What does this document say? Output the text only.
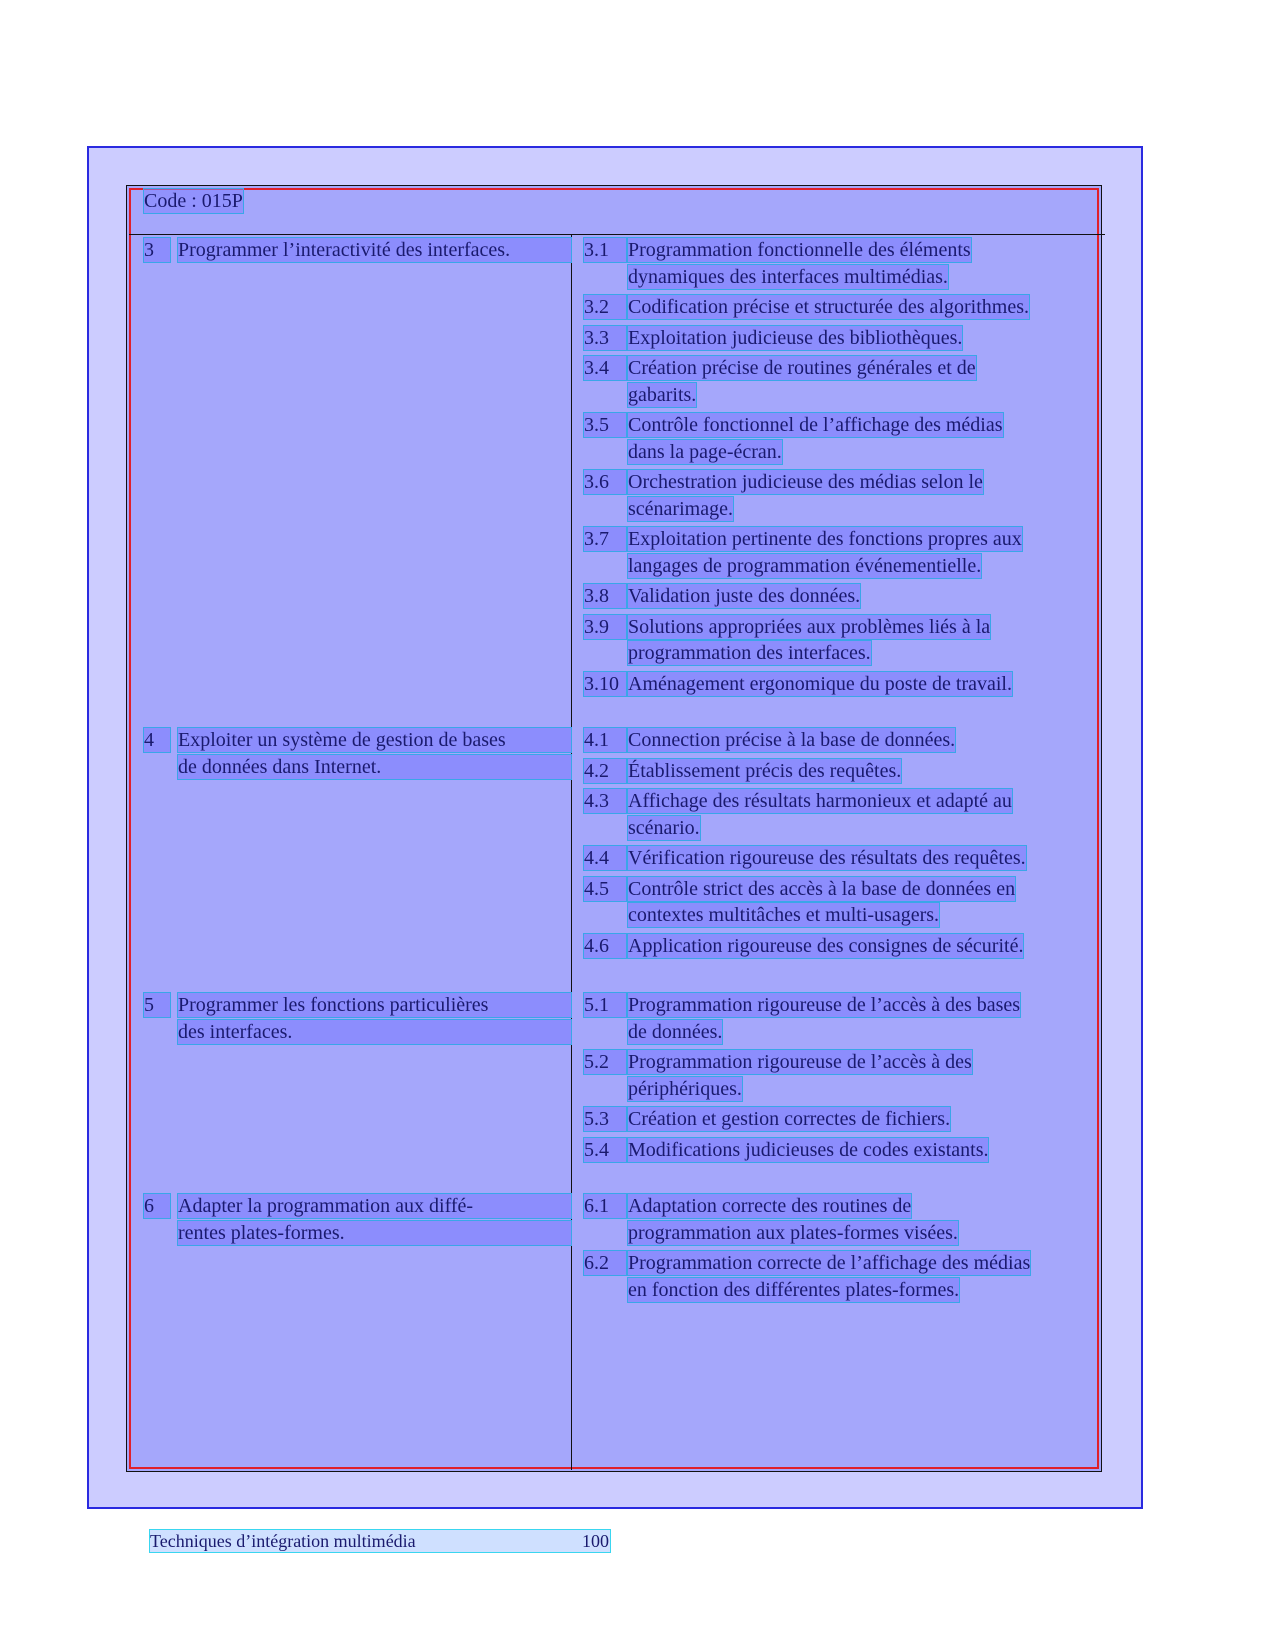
Code : 015P
3	Programmer l’interactivité des interfaces.	3.1 Programmation fonctionnelle des éléments
dynamiques des interfaces multimédias.
3.2 Codification précise et structurée des algorithmes.
3.3 Exploitation judicieuse des bibliothèques.
3.4 Création précise de routines générales et de
gabarits.
3.5 Contrôle fonctionnel de l’affichage des médias
dans la page-écran.
3.6 Orchestration judicieuse des médias selon le
scénarimage.
3.7 Exploitation pertinente des fonctions propres aux
langages de programmation événementielle.
3.8 Validation juste des données.
3.9 Solutions appropriées aux problèmes liés à la
programmation des interfaces.
3.10 Aménagement ergonomique du poste de travail.
4	Exploiter un système de gestion de bases
de données dans Internet.
4.1 Connection précise à la base de données.
4.2 Établissement précis des requêtes.
4.3 Affichage des résultats harmonieux et adapté au
scénario.
4.4 Vérification rigoureuse des résultats des requêtes.
4.5 Contrôle strict des accès à la base de données en
contextes multitâches et multi-usagers.
4.6 Application rigoureuse des consignes de sécurité.
5	Programmer les fonctions particulières
des interfaces.
5.1 Programmation rigoureuse de l’accès à des bases
de données.
5.2 Programmation rigoureuse de l’accès à des
périphériques.
5.3 Création et gestion correctes de fichiers.
5.4 Modifications judicieuses de codes existants.
6	Adapter la programmation aux diffé-
rentes plates-formes.
6.1 Adaptation correcte des routines de
programmation aux plates-formes visées.
6.2 Programmation correcte de l’affichage des médias
en fonction des différentes plates-formes.
Techniques d’intégration multimédia	100
